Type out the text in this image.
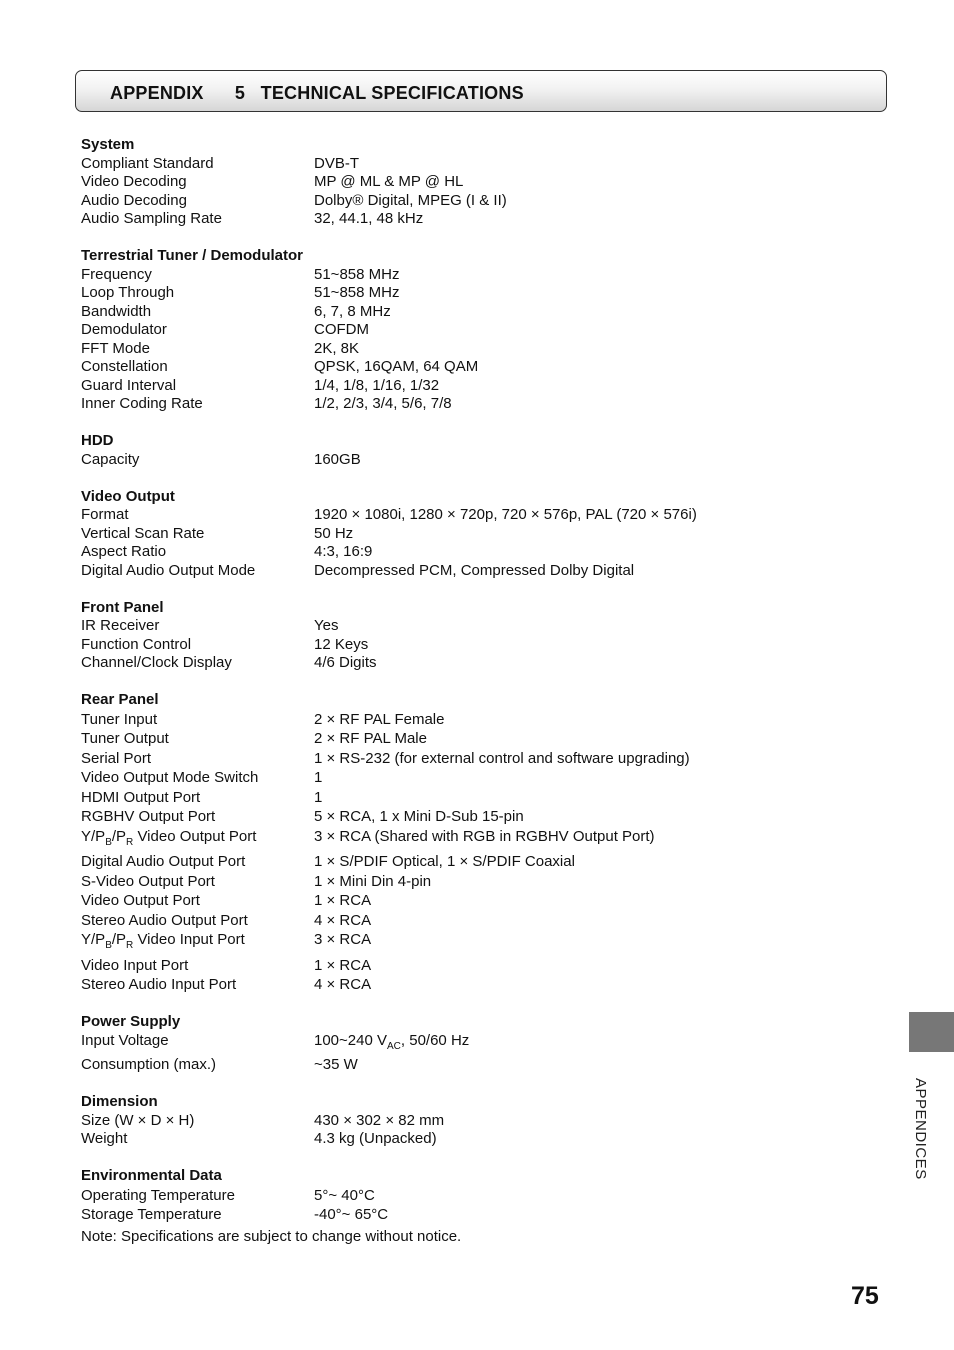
APPENDIX      5   TECHNICAL SPECIFICATIONS
System
Compliant Standard	DVB-T
Video Decoding	MP @ ML & MP @ HL
Audio Decoding	Dolby® Digital, MPEG (I & II)
Audio Sampling Rate	32, 44.1, 48 kHz
Terrestrial Tuner / Demodulator
Frequency	51~858 MHz
Loop Through	51~858 MHz
Bandwidth	6, 7, 8 MHz
Demodulator	COFDM
FFT Mode	2K, 8K
Constellation	QPSK, 16QAM, 64 QAM
Guard Interval	1/4, 1/8, 1/16, 1/32
Inner Coding Rate	1/2, 2/3, 3/4, 5/6, 7/8
HDD
Capacity	160GB
Video Output
Format	1920 × 1080i, 1280 × 720p, 720 × 576p, PAL (720 × 576i)
Vertical Scan Rate	50 Hz
Aspect Ratio	4:3, 16:9
Digital Audio Output Mode	Decompressed PCM, Compressed Dolby Digital
Front Panel
IR Receiver	Yes
Function Control	12 Keys
Channel/Clock Display	4/6 Digits
Rear Panel
Tuner Input	2 × RF PAL Female
Tuner Output	2 × RF PAL Male
Serial Port	1 × RS-232 (for external control and software upgrading)
Video Output Mode Switch	1
HDMI Output Port	1
RGBHV Output Port	5 × RCA, 1 x Mini D-Sub 15-pin
$Y/P_B/P_R$ Video Output Port	3 × RCA (Shared with RGB in RGBHV Output Port)
Digital Audio Output Port	1 × S/PDIF Optical, 1 × S/PDIF Coaxial
S-Video Output Port	1 × Mini Din 4-pin
Video Output Port	1 × RCA
Stereo Audio Output Port	4 × RCA
$Y/P_B/P_R$ Video Input Port	3 × RCA
Video Input Port	1 × RCA
Stereo Audio Input Port	4 × RCA
Power Supply
Input Voltage	100~240 $V_{AC}$, 50/60 Hz
Consumption (max.)	~35 W
Dimension
Size (W × D × H)	430 × 302 × 82 mm
Weight	4.3 kg (Unpacked)
Environmental Data
Operating Temperature	5°~ 40°C
Storage Temperature	-40°~ 65°C
Note: Specifications are subject to change without notice.
APPENDICES
75
